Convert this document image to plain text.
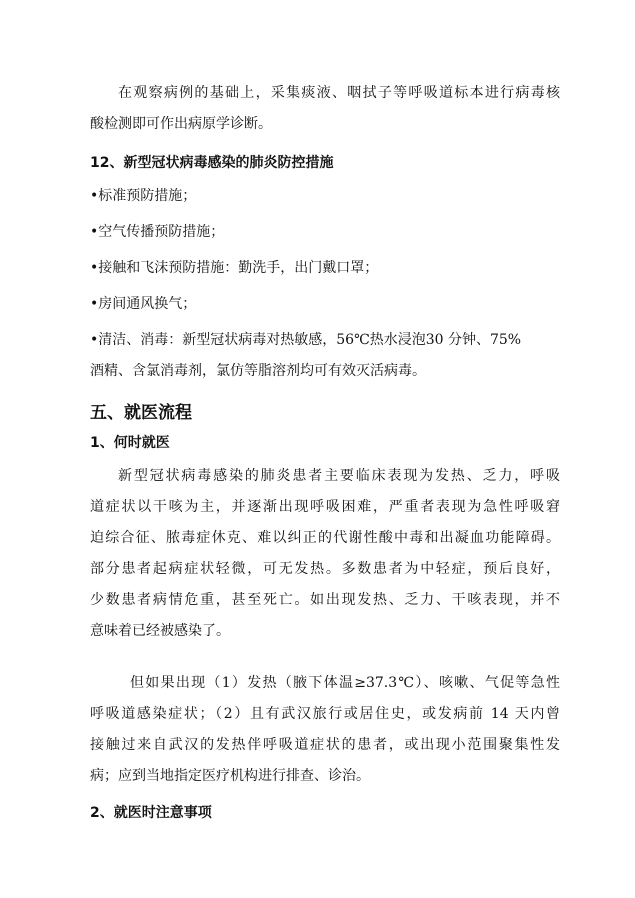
在观察病例的基础上，采集痰液、咽拭子等呼吸道标本进行病毒核
酸检测即可作出病原学诊断。
12、新型冠状病毒感染的肺炎防控措施
•标准预防措施；
•空气传播预防措施；
•接触和飞沫预防措施：勤洗手，出门戴口罩；
•房间通风换气；
•清洁、消毒：新型冠状病毒对热敏感，56℃热水浸泡30 分钟、75%
酒精、含氯消毒剂，氯仿等脂溶剂均可有效灭活病毒。
五、就医流程
1、何时就医
新型冠状病毒感染的肺炎患者主要临床表现为发热、乏力，呼吸
道症状以干咳为主，并逐渐出现呼吸困难，严重者表现为急性呼吸窘
迫综合征、脓毒症休克、难以纠正的代谢性酸中毒和出凝血功能障碍。
部分患者起病症状轻微，可无发热。多数患者为中轻症，预后良好，
少数患者病情危重，甚至死亡。如出现发热、乏力、干咳表现，并不
意味着已经被感染了。
但如果出现（1）发热（腋下体温≥37.3℃）、咳嗽、气促等急性
呼吸道感染症状；（2）且有武汉旅行或居住史，或发病前 14 天内曾
接触过来自武汉的发热伴呼吸道症状的患者，或出现小范围聚集性发
病；应到当地指定医疗机构进行排查、诊治。
2、就医时注意事项
